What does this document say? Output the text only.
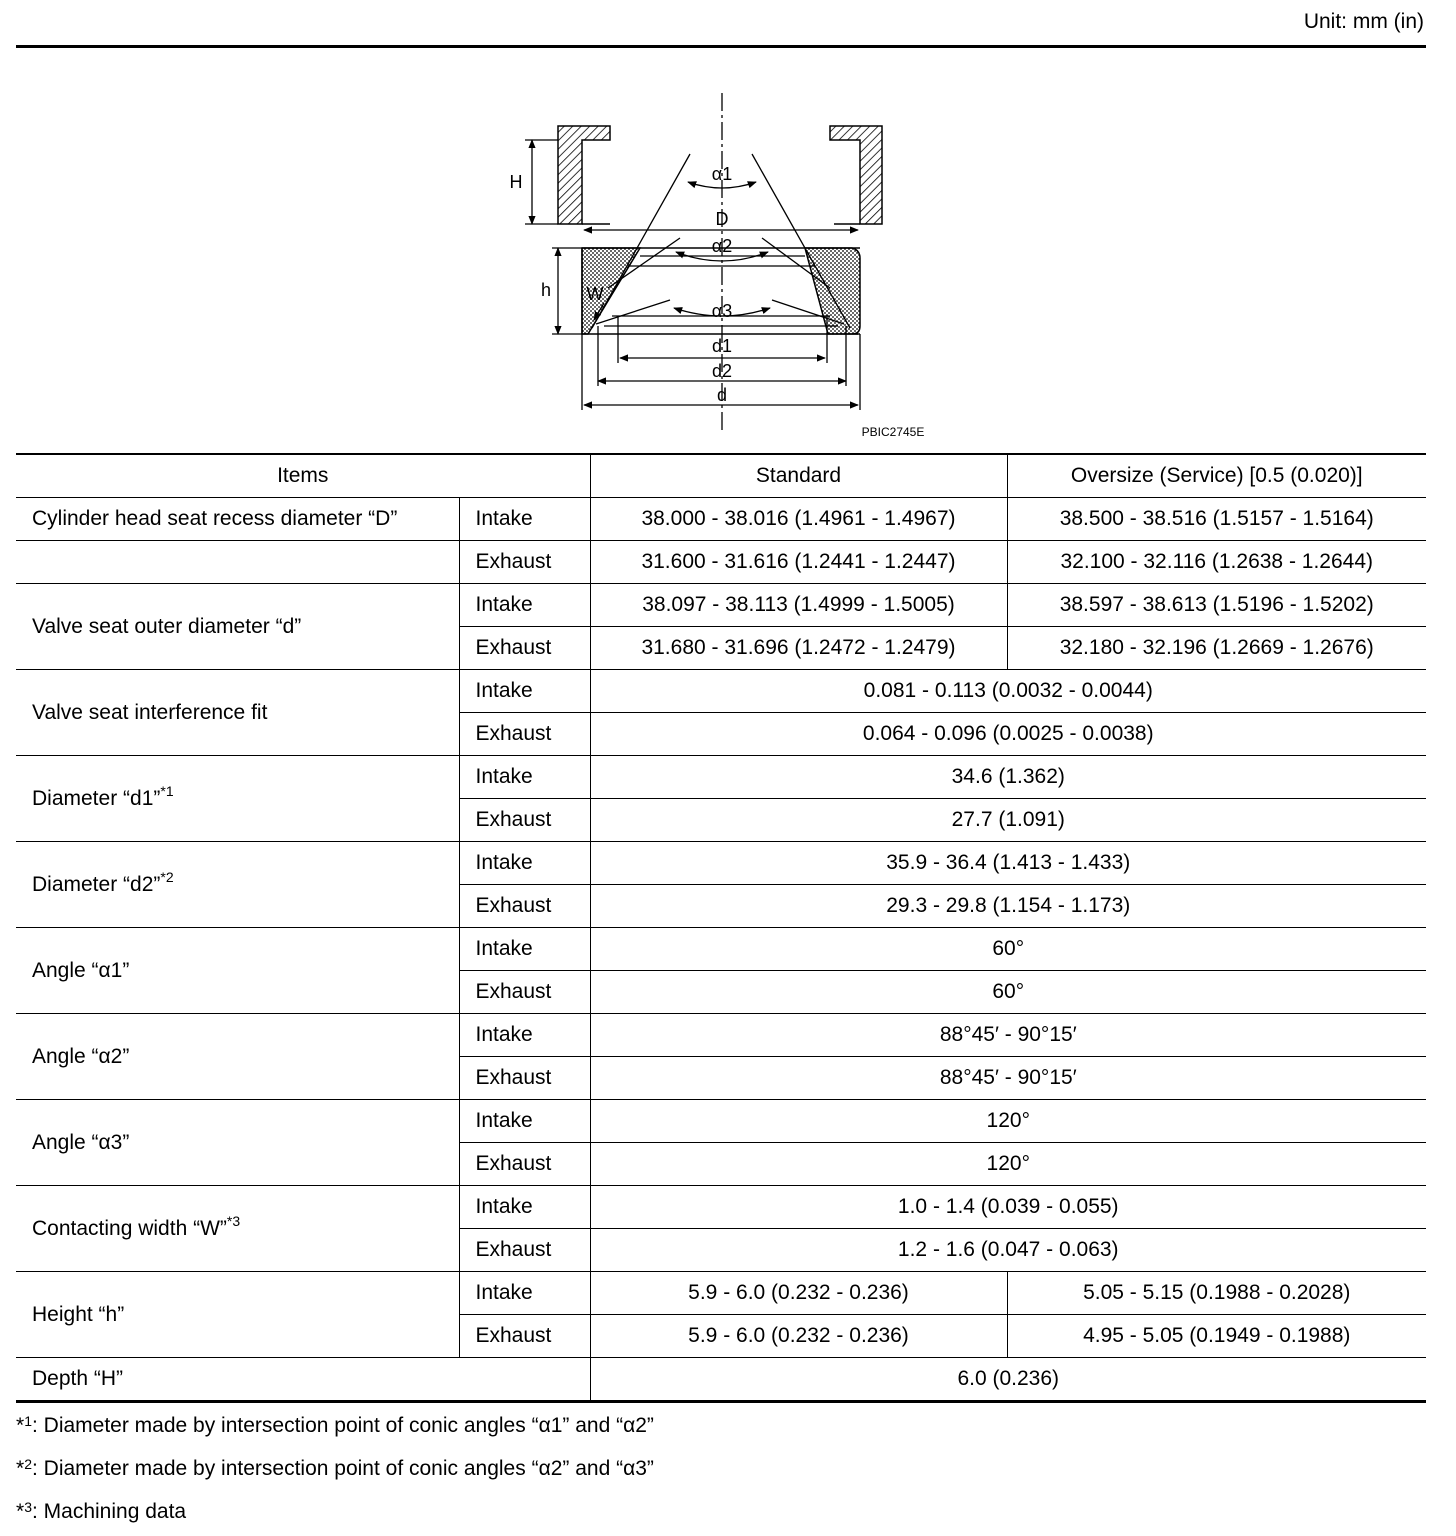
Unit: mm (in)
H
D
h W
α1
α2
α3
d1
d2
d
PBIC2745E
Items		Standard	Oversize (Service) [0.5 (0.020)]
Cylinder head seat recess diameter “D”	Intake	38.000 - 38.016 (1.4961 - 1.4967)	38.500 - 38.516 (1.5157 - 1.5164)
	Exhaust	31.600 - 31.616 (1.2441 - 1.2447)	32.100 - 32.116 (1.2638 - 1.2644)
Valve seat outer diameter “d”	Intake	38.097 - 38.113 (1.4999 - 1.5005)	38.597 - 38.613 (1.5196 - 1.5202)
	Exhaust	31.680 - 31.696 (1.2472 - 1.2479)	32.180 - 32.196 (1.2669 - 1.2676)
Valve seat interference fit	Intake	0.081 - 0.113 (0.0032 - 0.0044)	
	Exhaust	0.064 - 0.096 (0.0025 - 0.0038)	
Diameter “d1”$^{*1}$	Intake	34.6 (1.362)	
	Exhaust	27.7 (1.091)	
Diameter “d2”$^{*2}$	Intake	35.9 - 36.4 (1.413 - 1.433)	
	Exhaust	29.3 - 29.8 (1.154 - 1.173)	
Angle “α1”	Intake	60°	
	Exhaust	60°	
Angle “α2”	Intake	88°45′ - 90°15′	
	Exhaust	88°45′ - 90°15′	
Angle “α3”	Intake	120°	
	Exhaust	120°	
Contacting width “W”$^{*3}$	Intake	1.0 - 1.4 (0.039 - 0.055)	
	Exhaust	1.2 - 1.6 (0.047 - 0.063)	
Height “h”	Intake	5.9 - 6.0 (0.232 - 0.236)	5.05 - 5.15 (0.1988 - 0.2028)
	Exhaust	5.9 - 6.0 (0.232 - 0.236)	4.95 - 5.05 (0.1949 - 0.1988)
Depth “H”		6.0 (0.236)	
*$^1$: Diameter made by intersection point of conic angles “α1” and “α2”
*$^2$: Diameter made by intersection point of conic angles “α2” and “α3”
*$^3$: Machining data
